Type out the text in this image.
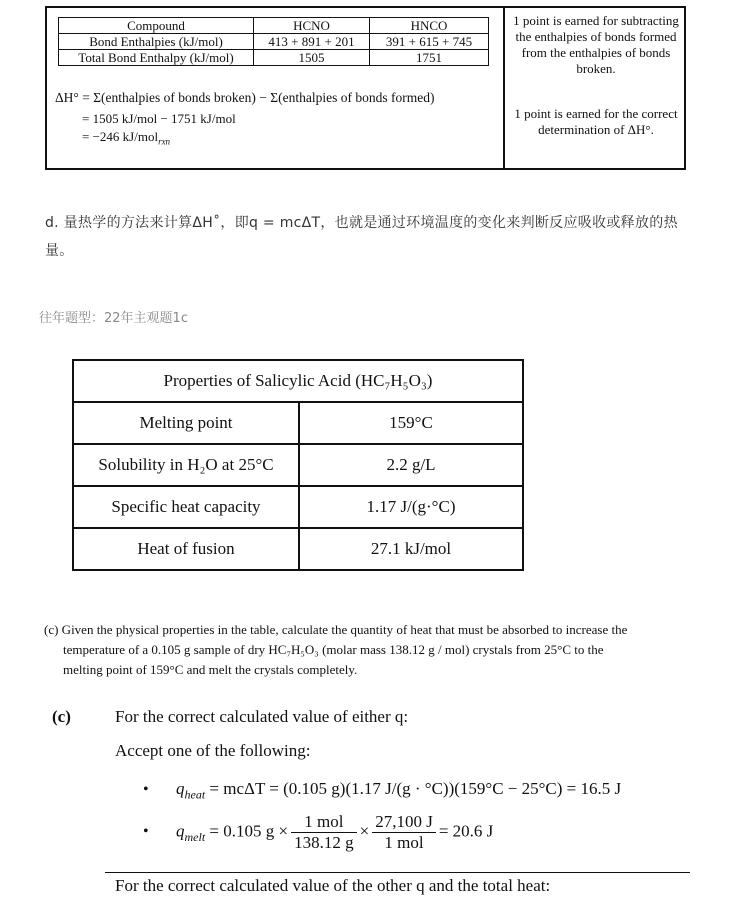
Compound	HCNO	HNCO
Bond Enthalpies (kJ/mol)	413 + 891 + 201	391 + 615 + 745
Total Bond Enthalpy (kJ/mol)	1505	1751
ΔH° = Σ(enthalpies of bonds broken) − Σ(enthalpies of bonds formed)
= 1505 kJ/mol − 1751 kJ/mol
= −246 kJ/mol$_{rxn}$
1 point is earned for subtracting the enthalpies of bonds formed from the enthalpies of bonds broken.
1 point is earned for the correct determination of ΔH°.
d. 量热学的方法来计算ΔH˚，即q = mcΔT，也就是通过环境温度的变化来判断反应吸收或释放的热量。
往年题型：22年主观题1c
Properties of Salicylic Acid (HC₇H₅O₃)	
Melting point	159°C
Solubility in H₂O at 25°C	2.2 g/L
Specific heat capacity	1.17 J/(g·°C)
Heat of fusion	27.1 kJ/mol
(c) Given the physical properties in the table, calculate the quantity of heat that must be absorbed to increase the
temperature of a 0.105 g sample of dry HC₇H₅O₃ (molar mass 138.12 g / mol) crystals from 25°C to the
melting point of 159°C and melt the crystals completely.
(c)	For the correct calculated value of either q:
Accept one of the following:
• $q_{heat} = mc\Delta T = (0.105$ g)(1.17 J/(g · °C))(159°C − 25°C) = 16.5 J
• $q_{melt} = 0.105$ $g \times \frac{\text{1 mol}}{138.12 g} \times \frac{27,100 J}{\text{1 mol}} = 20.6$ J
For the correct calculated value of the other q and the total heat:
